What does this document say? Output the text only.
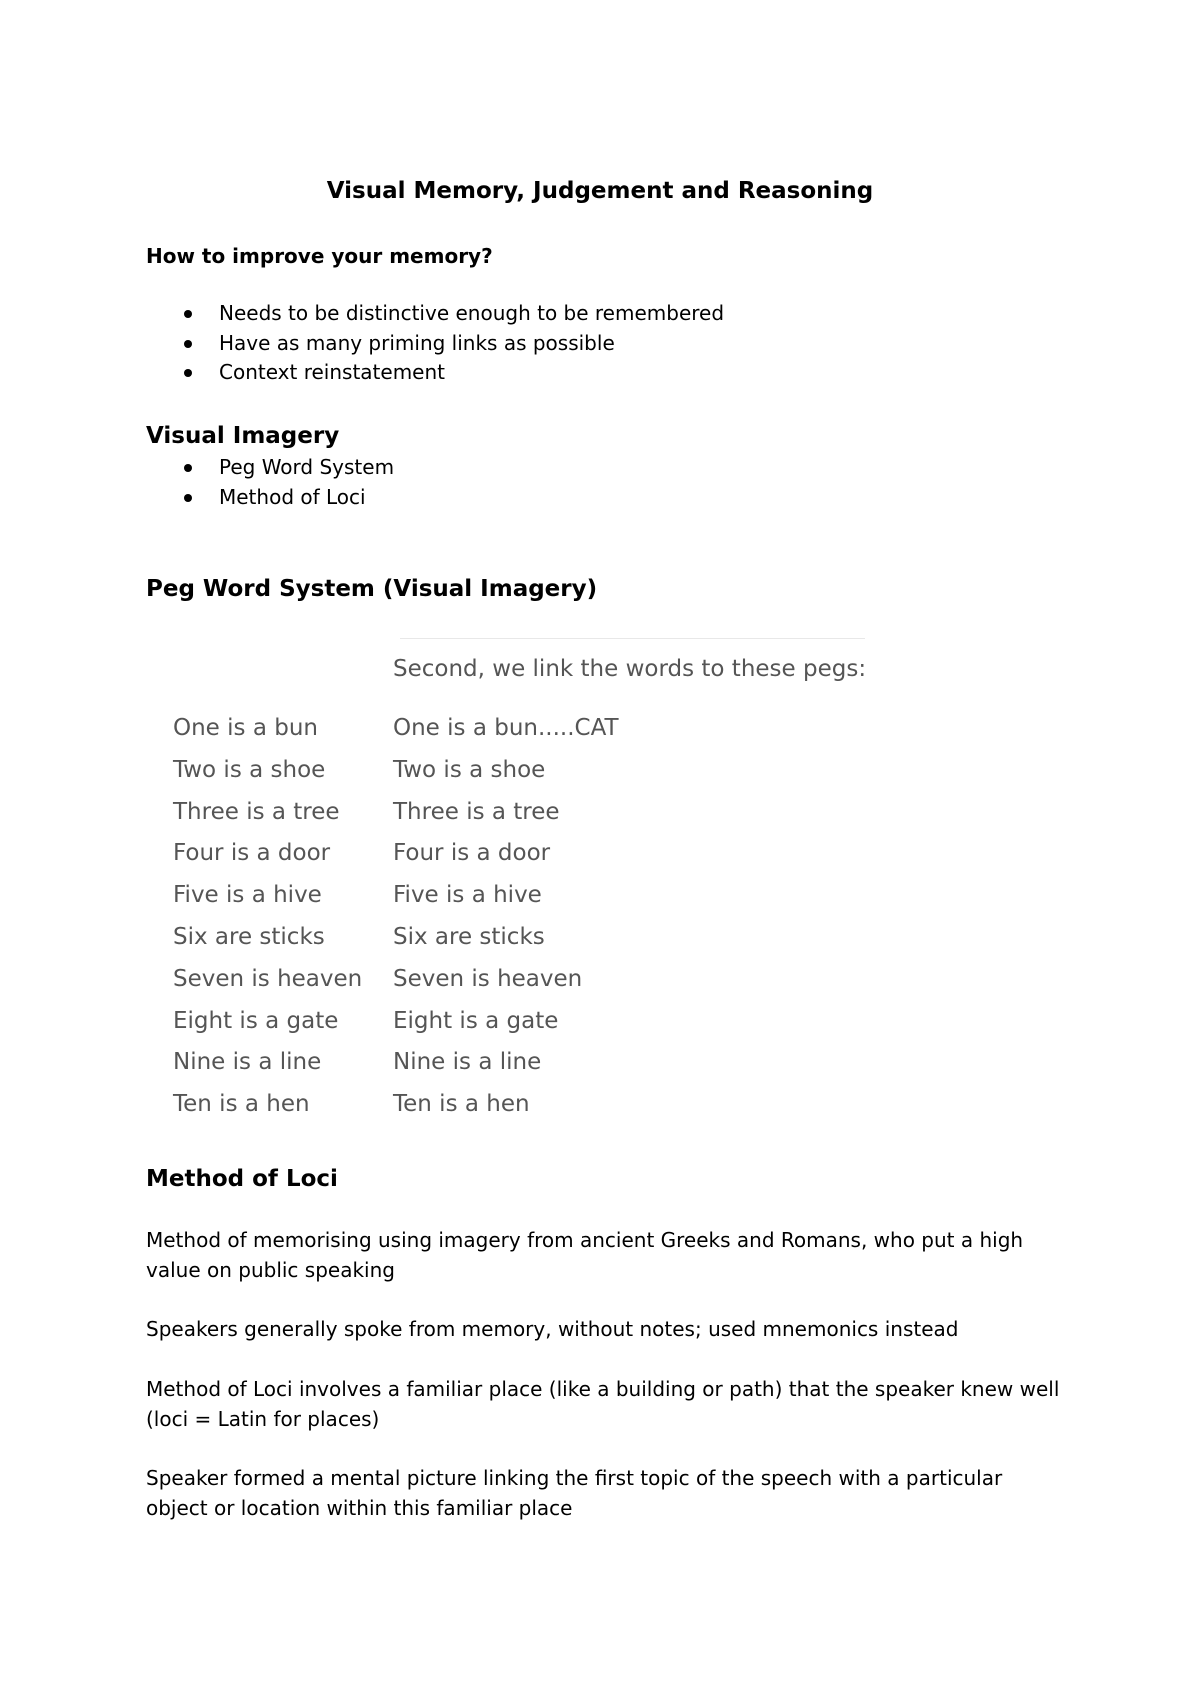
Visual Memory, Judgement and Reasoning
How to improve your memory?
Needs to be distinctive enough to be remembered
Have as many priming links as possible
Context reinstatement
Visual Imagery
Peg Word System
Method of Loci
Peg Word System (Visual Imagery)
Second, we link the words to these pegs:
One is a bun
Two is a shoe
Three is a tree
Four is a door
Five is a hive
Six are sticks
Seven is heaven
Eight is a gate
Nine is a line
Ten is a hen
One is a bun.....CAT
Two is a shoe
Three is a tree
Four is a door
Five is a hive
Six are sticks
Seven is heaven
Eight is a gate
Nine is a line
Ten is a hen
Method of Loci

Method of memorising using imagery from ancient Greeks and Romans, who put a high value on public speaking

Speakers generally spoke from memory, without notes; used mnemonics instead

Method of Loci involves a familiar place (like a building or path) that the speaker knew well (loci = Latin for places)

Speaker formed a mental picture linking the first topic of the speech with a particular object or location within this familiar place
